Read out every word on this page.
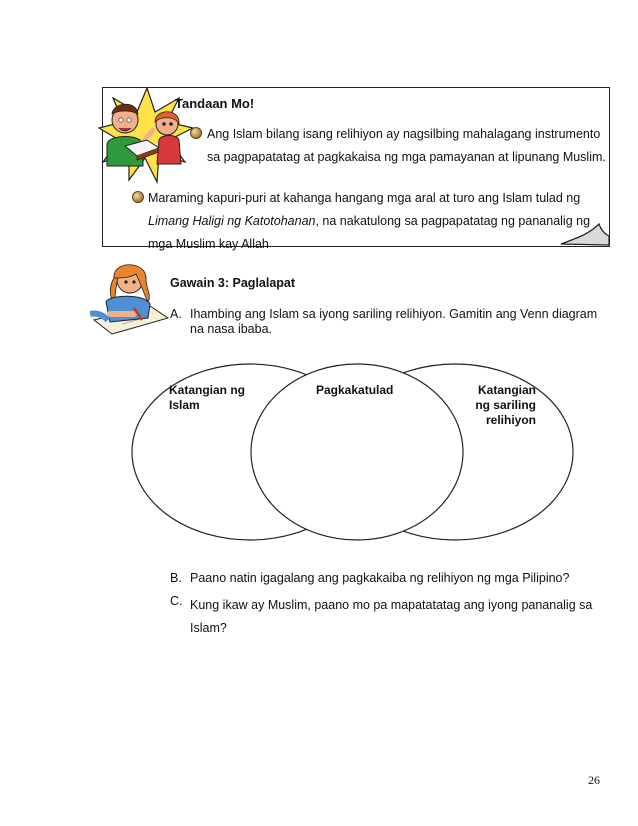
Tandaan Mo!
Ang Islam bilang isang relihiyon ay nagsilbing mahalagang instrumento sa pagpapatatag at pagkakaisa ng mga pamayanan at lipunang Muslim.
Maraming kapuri-puri at kahanga hangang mga aral at turo ang Islam tulad ng Limang Haligi ng Katotohanan, na nakatulong sa pagpapatatag ng pananalig ng mga Muslim kay Allah
Gawain 3: Paglalapat
A. Ihambing ang Islam sa iyong sariling relihiyon. Gamitin ang Venn diagram na nasa ibaba.
Katangian ng
Islam
Pagkakatulad	Katangian
ng sariling
relihiyon
B. Paano natin igagalang ang pagkakaiba ng relihiyon ng mga Pilipino?
C. Kung ikaw ay Muslim, paano mo pa mapatatatag ang iyong pananalig sa Islam?
26
